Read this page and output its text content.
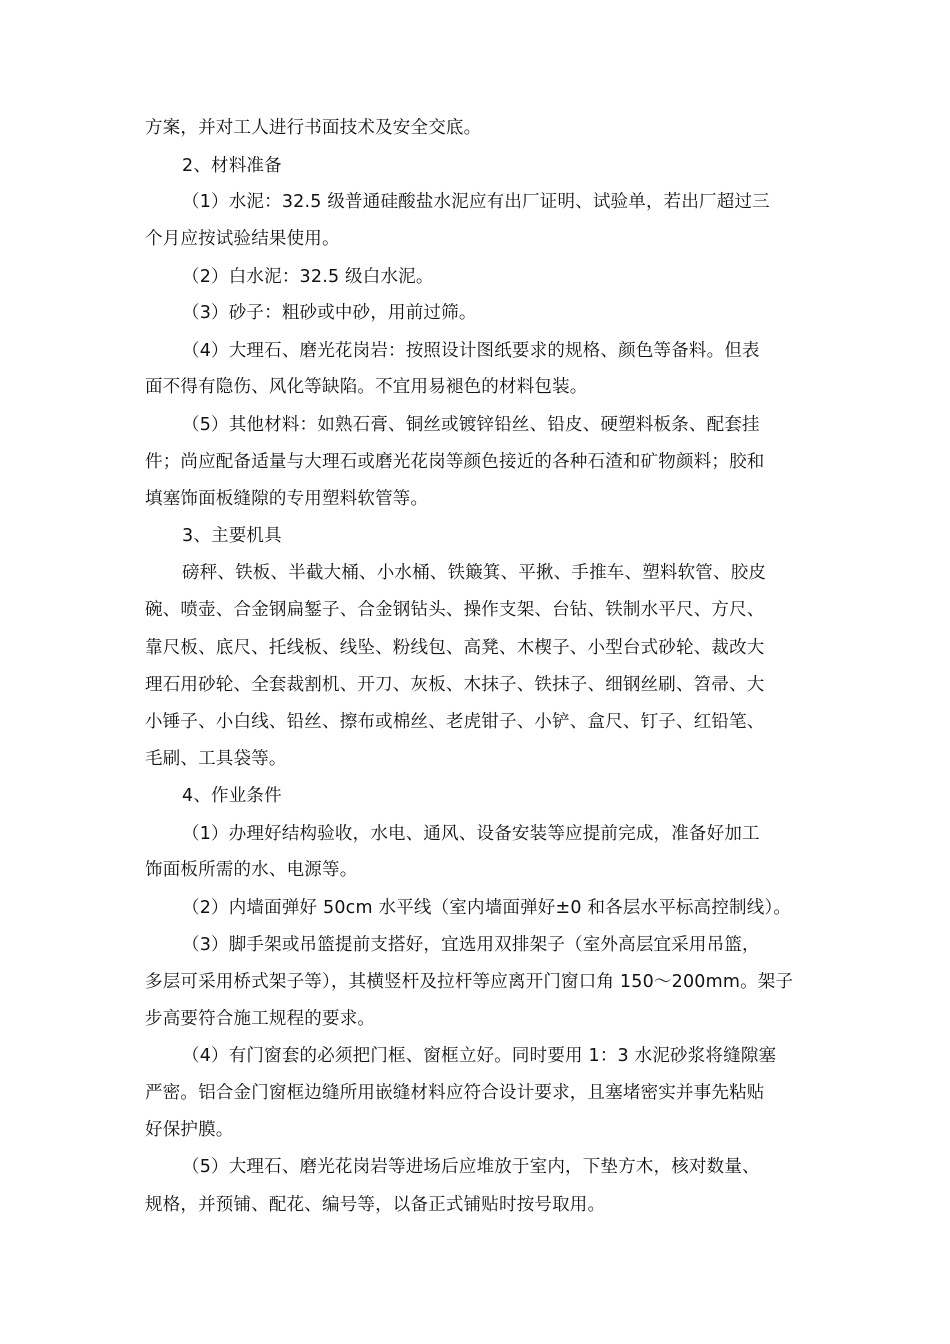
方案，并对工人进行书面技术及安全交底。
2、材料准备
（1）水泥：32.5 级普通硅酸盐水泥应有出厂证明、试验单，若出厂超过三
个月应按试验结果使用。
（2）白水泥：32.5 级白水泥。
（3）砂子：粗砂或中砂，用前过筛。
（4）大理石、磨光花岗岩：按照设计图纸要求的规格、颜色等备料。但表
面不得有隐伤、风化等缺陷。不宜用易褪色的材料包装。
（5）其他材料：如熟石膏、铜丝或镀锌铅丝、铅皮、硬塑料板条、配套挂
件；尚应配备适量与大理石或磨光花岗等颜色接近的各种石渣和矿物颜料；胶和
填塞饰面板缝隙的专用塑料软管等。
3、主要机具
磅秤、铁板、半截大桶、小水桶、铁簸箕、平揪、手推车、塑料软管、胶皮
碗、喷壶、合金钢扁錾子、合金钢钻头、操作支架、台钻、铁制水平尺、方尺、
靠尺板、底尺、托线板、线坠、粉线包、高凳、木楔子、小型台式砂轮、裁改大
理石用砂轮、全套裁割机、开刀、灰板、木抹子、铁抹子、细钢丝刷、笤帚、大
小锤子、小白线、铅丝、擦布或棉丝、老虎钳子、小铲、盒尺、钉子、红铅笔、
毛刷、工具袋等。
4、作业条件
（1）办理好结构验收，水电、通风、设备安装等应提前完成，准备好加工
饰面板所需的水、电源等。
（2）内墙面弹好 50cm 水平线（室内墙面弹好±0 和各层水平标高控制线）。
（3）脚手架或吊篮提前支搭好，宜选用双排架子（室外高层宜采用吊篮，
多层可采用桥式架子等），其横竖杆及拉杆等应离开门窗口角 150～200mm。架子
步高要符合施工规程的要求。
（4）有门窗套的必须把门框、窗框立好。同时要用 1：3 水泥砂浆将缝隙塞
严密。铝合金门窗框边缝所用嵌缝材料应符合设计要求，且塞堵密实并事先粘贴
好保护膜。
（5）大理石、磨光花岗岩等进场后应堆放于室内，下垫方木，核对数量、
规格，并预铺、配花、编号等，以备正式铺贴时按号取用。
